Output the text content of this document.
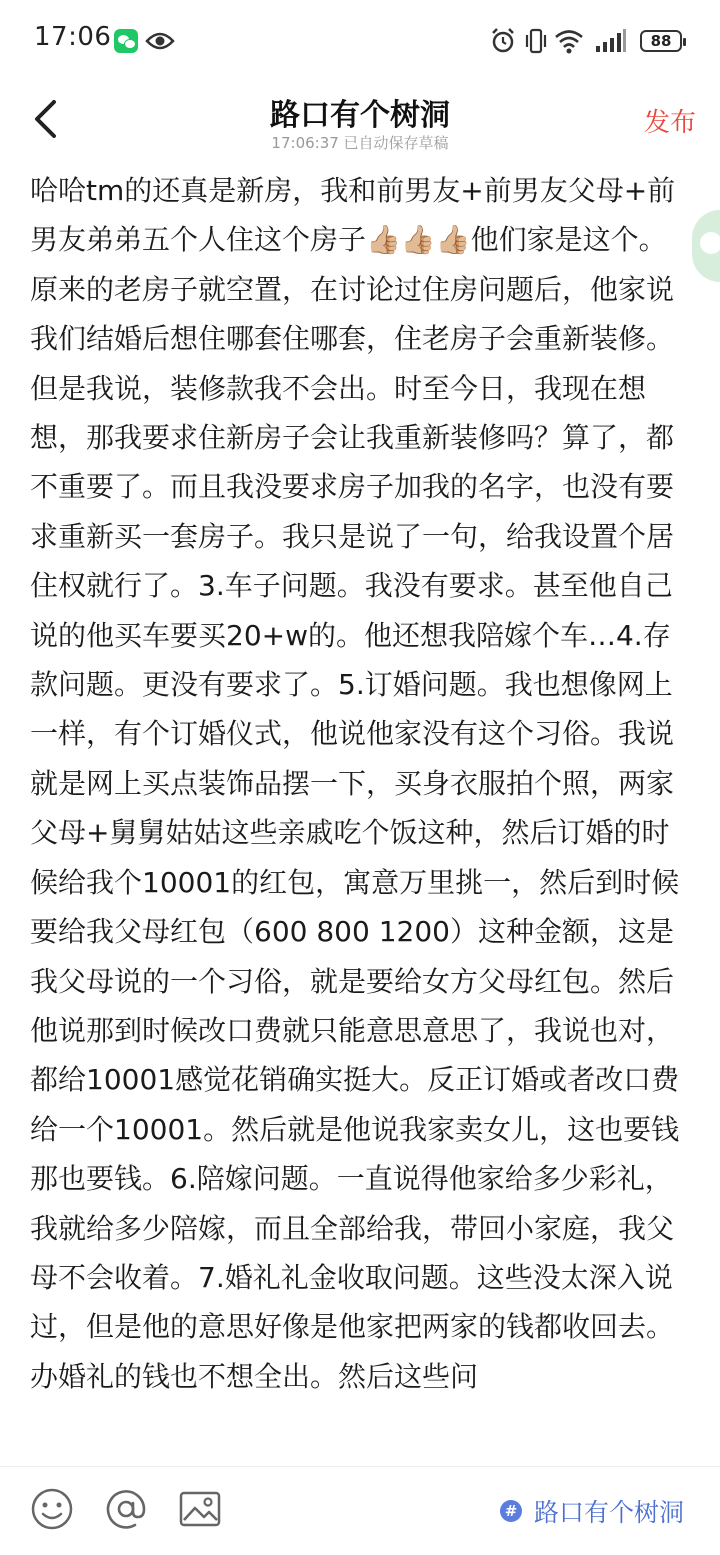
17:06	88
路口有个树洞
17:06:37 已自动保存草稿
发布

哈哈tm的还真是新房，我和前男友+前男友父母+前男友弟弟五个人住这个房子👍🏼👍🏼👍🏼他们家是这个。原来的老房子就空置，在讨论过住房问题后，他家说我们结婚后想住哪套住哪套，住老房子会重新装修。但是我说，装修款我不会出。时至今日，我现在想想，那我要求住新房子会让我重新装修吗？算了，都不重要了。而且我没要求房子加我的名字，也没有要求重新买一套房子。我只是说了一句，给我设置个居住权就行了。3.车子问题。我没有要求。甚至他自己说的他买车要买20+w的。他还想我陪嫁个车…4.存款问题。更没有要求了。5.订婚问题。我也想像网上一样，有个订婚仪式，他说他家没有这个习俗。我说就是网上买点装饰品摆一下，买身衣服拍个照，两家父母+舅舅姑姑这些亲戚吃个饭这种，然后订婚的时候给我个10001的红包，寓意万里挑一，然后到时候要给我父母红包（600 800 1200）这种金额，这是我父母说的一个习俗，就是要给女方父母红包。然后他说那到时候改口费就只能意思意思了，我说也对，都给10001感觉花销确实挺大。反正订婚或者改口费给一个10001。然后就是他说我家卖女儿，这也要钱那也要钱。6.陪嫁问题。一直说得他家给多少彩礼，我就给多少陪嫁，而且全部给我，带回小家庭，我父母不会收着。7.婚礼礼金收取问题。这些没太深入说过，但是他的意思好像是他家把两家的钱都收回去。办婚礼的钱也不想全出。然后这些问

# 路口有个树洞
